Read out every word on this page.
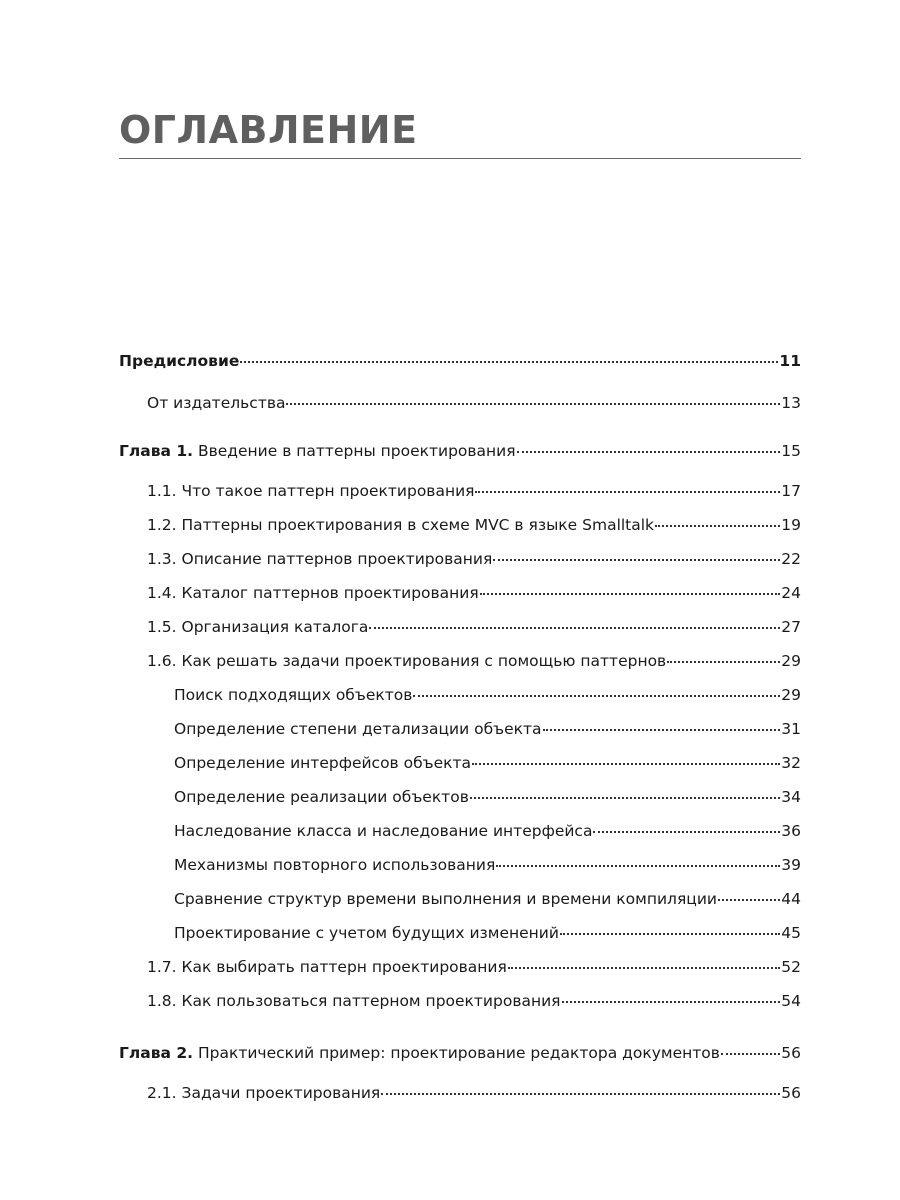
ОГЛАВЛЕНИЕ
Предисловие	11
От издательства	13
Глава 1. Введение в паттерны проектирования	15
1.1. Что такое паттерн проектирования	17
1.2. Паттерны проектирования в схеме MVC в языке Smalltalk	19
1.3. Описание паттернов проектирования	22
1.4. Каталог паттернов проектирования	24
1.5. Организация каталога	27
1.6. Как решать задачи проектирования с помощью паттернов	29
Поиск подходящих объектов	29
Определение степени детализации объекта	31
Определение интерфейсов объекта	32
Определение реализации объектов	34
Наследование класса и наследование интерфейса	36
Механизмы повторного использования	39
Сравнение структур времени выполнения и времени компиляции	44
Проектирование с учетом будущих изменений	45
1.7. Как выбирать паттерн проектирования	52
1.8. Как пользоваться паттерном проектирования	54
Глава 2. Практический пример: проектирование редактора документов	56
2.1. Задачи проектирования	56
